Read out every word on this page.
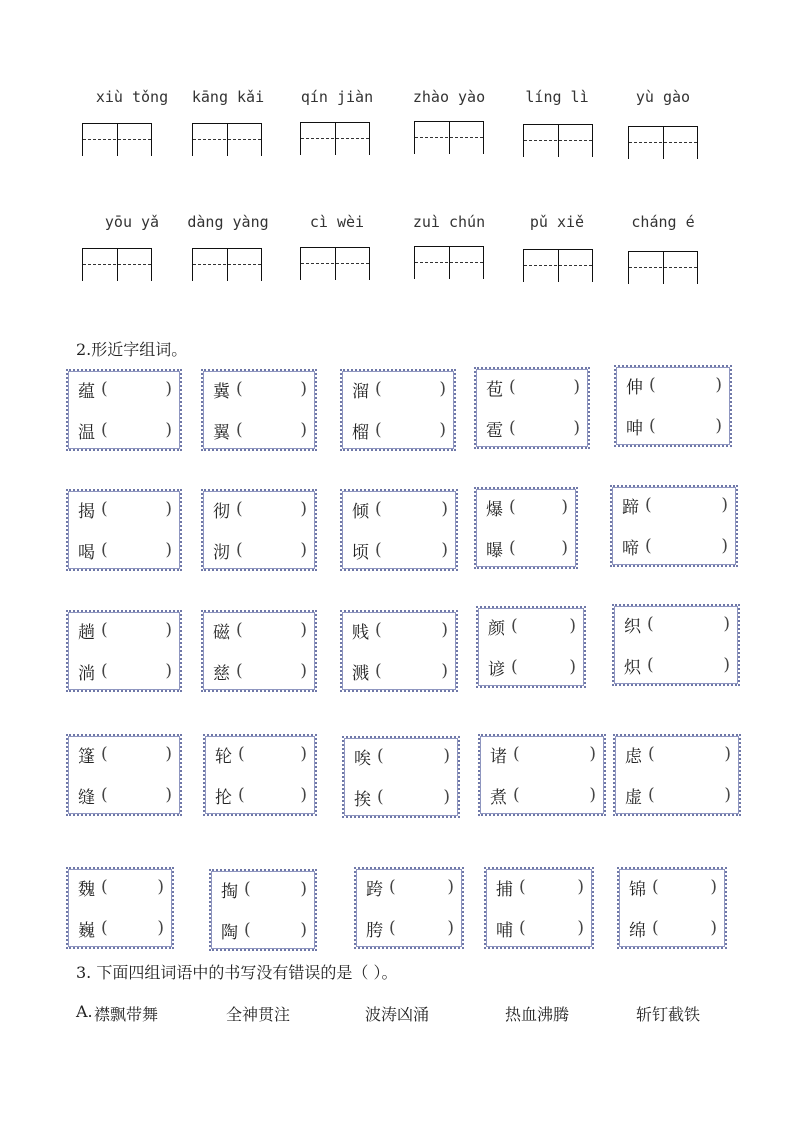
xiù tǒng	kāng kǎi	qín jiàn	zhào yào	líng lì	yù gào
yōu yǎ	dàng yàng	cì wèi	zuì chún	pǔ xiě	cháng é
2.形近字组词。
蕴 (	)
温 (	)
冀 (	)
翼 (	)
溜 (	)
榴 (	)
苞 (	)
雹 (	)
伸 (	)
呻 (	)
揭 (	)
喝 (	)
彻 (	)
沏 (	)
倾 (	)
顷 (	)
爆 (	)
曝 (	)
蹄 (	)
啼 (	)
趟 (	)
淌 (	)
磁 (	)
慈 (	)
贱 (	)
溅 (	)
颜 (	)
谚 (	)
织 (	)
炽 (	)
篷 (	)
缝 (	)
轮 (	)
抡 (	)
唉 (	)
挨 (	)
诸 (	)
煮 (	)
虑 (	)
虚 (	)
魏 (	)
巍 (	)
掏 (	)
陶 (	)
跨 (	)
胯 (	)
捕 (	)
哺 (	)
锦 (	)
绵 (	)
3. 下面四组词语中的书写没有错误的是（ ）。
A. 襟飘带舞	全神贯注	波涛凶涌	热血沸腾	斩钉截铁
